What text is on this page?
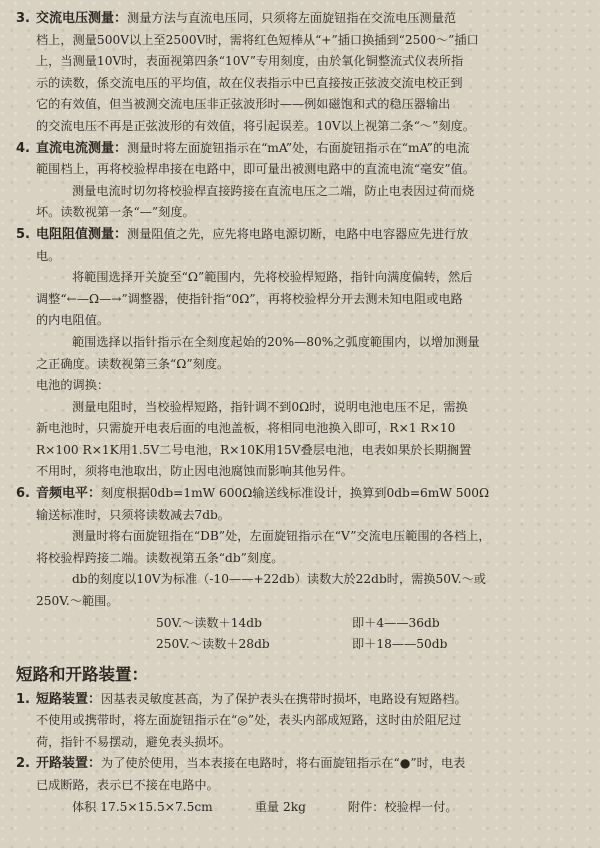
3. 交流电压测量：测量方法与直流电压同，只须将左面旋钮指在交流电压测量范

档上，测量500V以上至2500V时，需将红色短棒从“+”插口换插到“2500～”插口

上，当测量10V时，表面视第四条“10V”专用刻度，由於氧化铜整流式仪表所指

示的读数，係交流电压的平均值，故在仪表指示中已直接按正弦波交流电校正到

它的有效值，但当被测交流电压非正弦波形时——例如磁饱和式的稳压器输出

的交流电压不再是正弦波形的有效值，将引起误差。10V以上视第二条“～”刻度。

4. 直流电流测量：测量时将左面旋钮指示在“mA”处，右面旋钮指示在“mA”的电流

範围档上，再将校验桿串接在电路中，即可量出被测电路中的直流电流“毫安”值。

测量电流时切勿将校验桿直接跨接在直流电压之二端，防止电表因过荷而烧

坏。读数视第一条“—”刻度。

5. 电阻阻值测量：测量阻值之先，应先将电路电源切断，电路中电容器应先进行放

电。

将範围选择开关旋至“Ω”範围内，先将校验桿短路，指针向满度偏转，然后

调整“←—Ω—→”调整器，使指针指“0Ω”，再将校验桿分开去测未知电阻或电路

的内电阻值。

範围选择以指针指示在全刻度起始的20%—80%之弧度範围内，以增加测量

之正确度。读数视第三条“Ω”刻度。

电池的调换：

测量电阻时，当校验桿短路，指针调不到0Ω时，说明电池电压不足，需换

新电池时，只需旋开电表后面的电池盖板，将相同电池换入即可，R×1 R×10

R×100 R×1K用1.5V二号电池，R×10K用15V叠层电池，电表如果於长期搁置

不用时，须将电池取出，防止因电池腐蚀而影响其他另件。

6. 音频电平：刻度根据0db=1mW 600Ω输送线标准设计，换算到0db=6mW 500Ω

输送标准时，只须将读数减去7db。

测量时将右面旋钮指在“DB”处，左面旋钮指示在“V”交流电压範围的各档上，

将校验桿跨接二端。读数视第五条“db”刻度。

db的刻度以10V为标准（-10——+22db）读数大於22db时，需换50V.～或

250V.～範围。

50V.～读数＋14db	即＋4——36db
250V.～读数＋28db	即＋18——50db
短路和开路装置：

1. 短路装置：因基表灵敏度甚高，为了保护表头在携带时损坏，电路设有短路档。

不使用或携带时，将左面旋钮指示在“◎”处，表头内部成短路，这时由於阻尼过

荷，指针不易摆动，避免表头损坏。

2. 开路装置：为了使於使用，当本表接在电路时，将右面旋钮指示在“●”时，电表

已成断路，表示已不接在电路中。

体积 17.5×15.5×7.5cm	重量 2kg	附件：校验桿一付。
